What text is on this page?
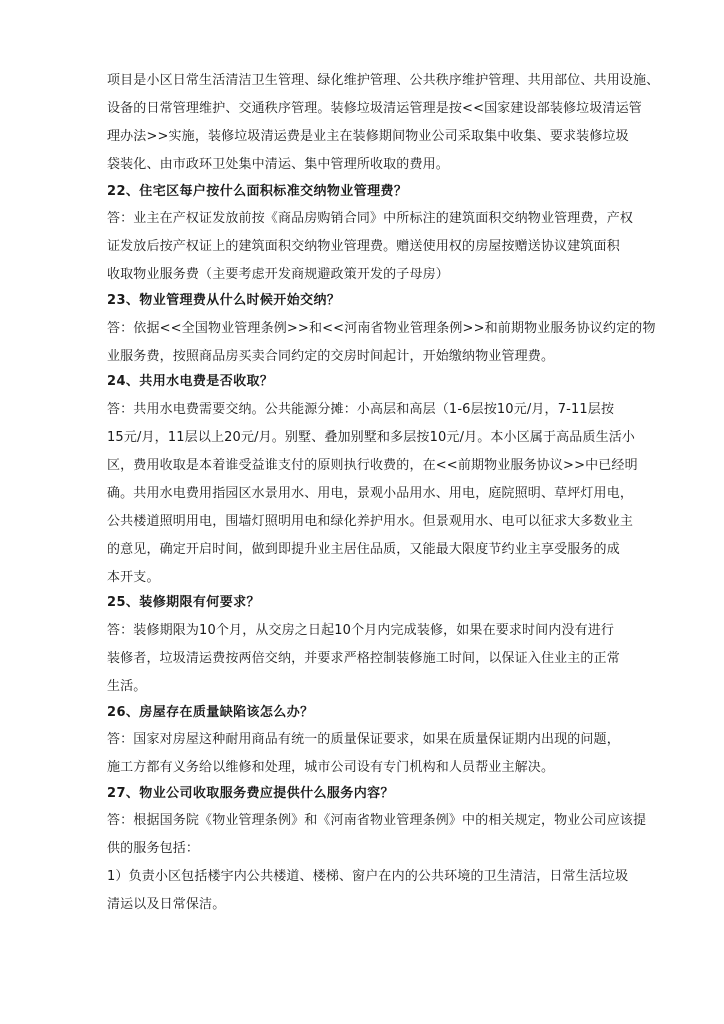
项目是小区日常生活清洁卫生管理、绿化维护管理、公共秩序维护管理、共用部位、共用设施、
设备的日常管理维护、交通秩序管理。装修垃圾清运管理是按<<国家建设部装修垃圾清运管
理办法>>实施，装修垃圾清运费是业主在装修期间物业公司采取集中收集、要求装修垃圾
袋装化、由市政环卫处集中清运、集中管理所收取的费用。
22、住宅区每户按什么面积标准交纳物业管理费？
答：业主在产权证发放前按《商品房购销合同》中所标注的建筑面积交纳物业管理费，产权
证发放后按产权证上的建筑面积交纳物业管理费。赠送使用权的房屋按赠送协议建筑面积
收取物业服务费（主要考虑开发商规避政策开发的子母房）
23、物业管理费从什么时候开始交纳？
答：依据<<全国物业管理条例>>和<<河南省物业管理条例>>和前期物业服务协议约定的物
业服务费，按照商品房买卖合同约定的交房时间起计，开始缴纳物业管理费。
24、共用水电费是否收取？
答：共用水电费需要交纳。公共能源分摊：小高层和高层（1-6层按10元/月，7-11层按
15元/月，11层以上20元/月。别墅、叠加别墅和多层按10元/月。本小区属于高品质生活小
区，费用收取是本着谁受益谁支付的原则执行收费的，在<<前期物业服务协议>>中已经明
确。共用水电费用指园区水景用水、用电，景观小品用水、用电，庭院照明、草坪灯用电，
公共楼道照明用电，围墙灯照明用电和绿化养护用水。但景观用水、电可以征求大多数业主
的意见，确定开启时间，做到即提升业主居住品质，又能最大限度节约业主享受服务的成
本开支。
25、装修期限有何要求？
答：装修期限为10个月，从交房之日起10个月内完成装修，如果在要求时间内没有进行
装修者，垃圾清运费按两倍交纳，并要求严格控制装修施工时间，以保证入住业主的正常
生活。
26、房屋存在质量缺陷该怎么办？
答：国家对房屋这种耐用商品有统一的质量保证要求，如果在质量保证期内出现的问题，
施工方都有义务给以维修和处理，城市公司设有专门机构和人员帮业主解决。
27、物业公司收取服务费应提供什么服务内容？
答：根据国务院《物业管理条例》和《河南省物业管理条例》中的相关规定，物业公司应该提
供的服务包括：
1）负责小区包括楼宇内公共楼道、楼梯、窗户在内的公共环境的卫生清洁，日常生活垃圾
清运以及日常保洁。
